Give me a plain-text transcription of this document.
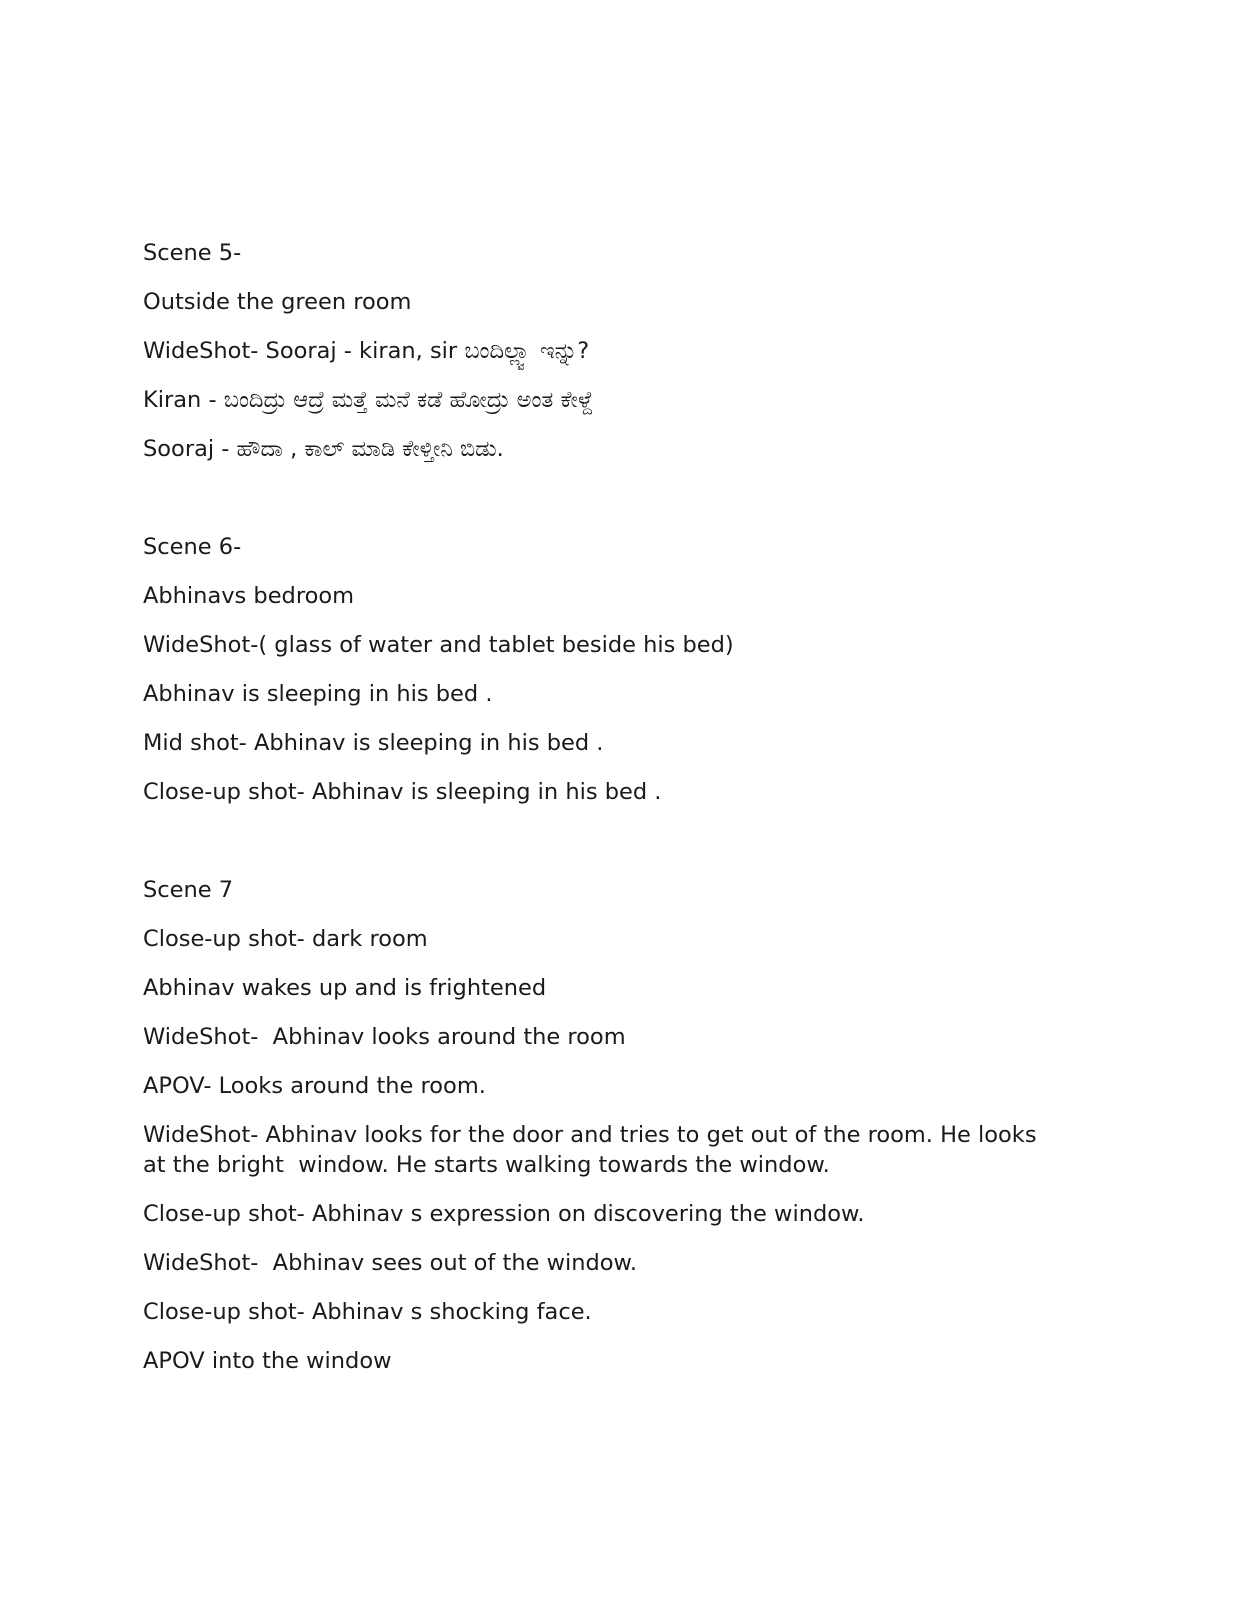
Scene 5-
Outside the green room
WideShot- Sooraj - kiran, sir ಬಂದಿಲ್ಲ್ವಾ ಇನ್ನು?
Kiran - ಬಂದಿದ್ರು ಆದ್ರೆ ಮತ್ತೆ ಮನೆ ಕಡೆ ಹೋದ್ರು ಅಂತ ಕೇಳ್ದೆ
Sooraj - ಹೌದಾ , ಕಾಲ್ ಮಾಡಿ ಕೇಳ್ತೀನಿ ಬಿಡು.
Scene 6-
Abhinavs bedroom
WideShot-( glass of water and tablet beside his bed)
Abhinav is sleeping in his bed .
Mid shot- Abhinav is sleeping in his bed .
Close-up shot- Abhinav is sleeping in his bed .
Scene 7
Close-up shot- dark room
Abhinav wakes up and is frightened
WideShot-  Abhinav looks around the room
APOV- Looks around the room.
WideShot- Abhinav looks for the door and tries to get out of the room. He looks at the bright  window. He starts walking towards the window.
Close-up shot- Abhinav s expression on discovering the window.
WideShot-  Abhinav sees out of the window.
Close-up shot- Abhinav s shocking face.
APOV into the window
